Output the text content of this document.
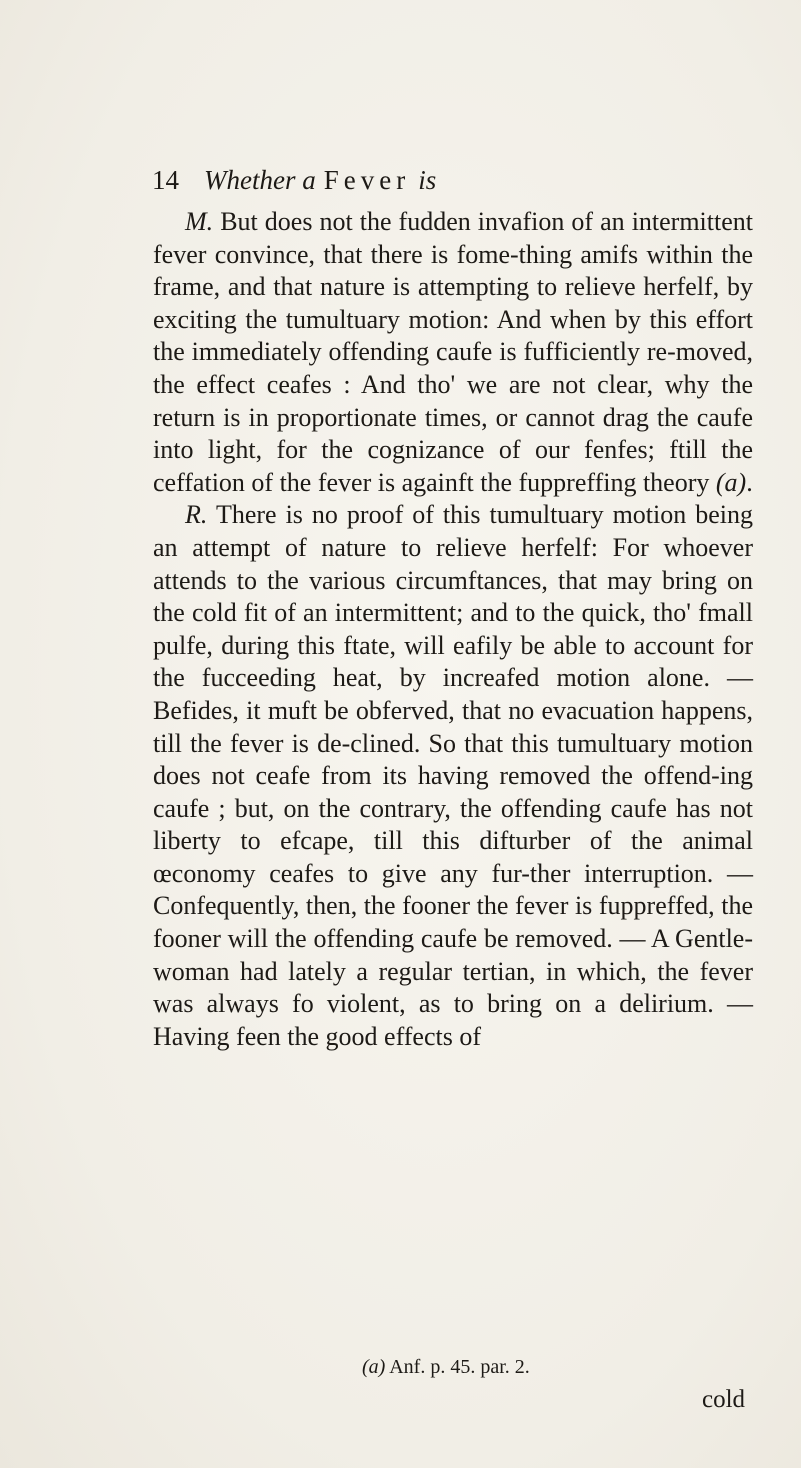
14 Whether a Fever is

M. But does not the fudden invafion of an intermittent fever convince, that there is fome-thing amifs within the frame, and that nature is attempting to relieve herfelf, by exciting the tumultuary motion: And when by this effort the immediately offending caufe is fufficiently re-moved, the effect ceafes : And tho' we are not clear, why the return is in proportionate times, or cannot drag the caufe into light, for the cognizance of our fenfes; ftill the ceffation of the fever is againft the fuppreffing theory (a).

R. There is no proof of this tumultuary motion being an attempt of nature to relieve herfelf: For whoever attends to the various circumftances, that may bring on the cold fit of an intermittent; and to the quick, tho' fmall pulfe, during this ftate, will eafily be able to account for the fucceeding heat, by increafed motion alone. — Befides, it muft be obferved, that no evacuation happens, till the fever is de-clined. So that this tumultuary motion does not ceafe from its having removed the offend-ing caufe ; but, on the contrary, the offending caufe has not liberty to efcape, till this difturber of the animal œconomy ceafes to give any fur-ther interruption. — Confequently, then, the fooner the fever is fuppreffed, the fooner will the offending caufe be removed. — A Gentle-woman had lately a regular tertian, in which, the fever was always fo violent, as to bring on a delirium. — Having feen the good effects of

(a) Anf. p. 45. par. 2.
cold
